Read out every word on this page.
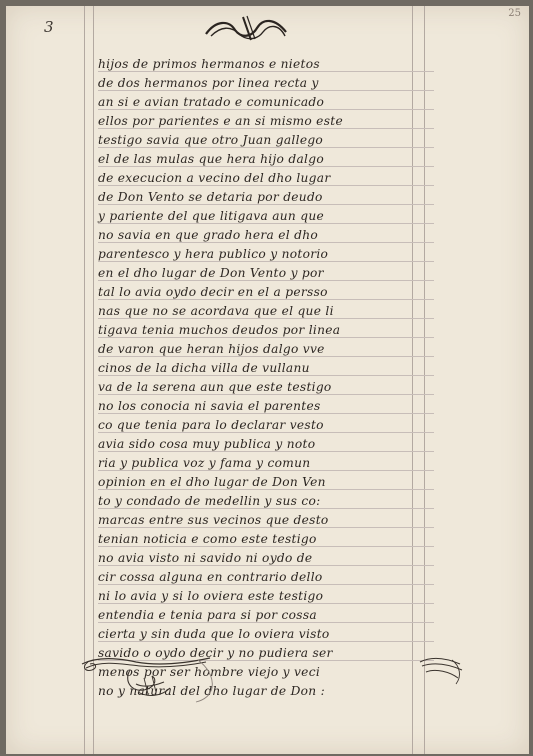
3
25
hijos de primos hermanos e nietos
de dos hermanos por linea recta y
an si e avian tratado e comunicado
ellos por parientes e an si mismo este
testigo savia que otro Juan gallego
el de las mulas que hera hijo dalgo
de execucion a vecino del dho lugar
de Don Vento se detaria por deudo
y pariente del que litigava aun que
no savia en que grado hera el dho
parentesco y hera publico y notorio
en el dho lugar de Don Vento y por
tal lo avia oydo decir en el a persso
nas que no se acordava que el que li
tigava tenia muchos deudos por linea
de varon que heran hijos dalgo vve
cinos de la dicha villa de vullanu
va de la serena aun que este testigo
no los conocia ni savia el parentes
co que tenia para lo declarar vesto
avia sido cosa muy publica y noto
ria y publica voz y fama y comun
opinion en el dho lugar de Don Ven
to y condado de medellin y sus co:
marcas entre sus vecinos que desto
tenian noticia e como este testigo
no avia visto ni savido ni oydo de
cir cossa alguna en contrario dello
ni lo avia y si lo oviera este testigo
entendia e tenia para si por cossa
cierta y sin duda que lo oviera visto
savido o oydo decir y no pudiera ser
menos por ser hombre viejo y veci
no y natural del dho lugar de Don :
